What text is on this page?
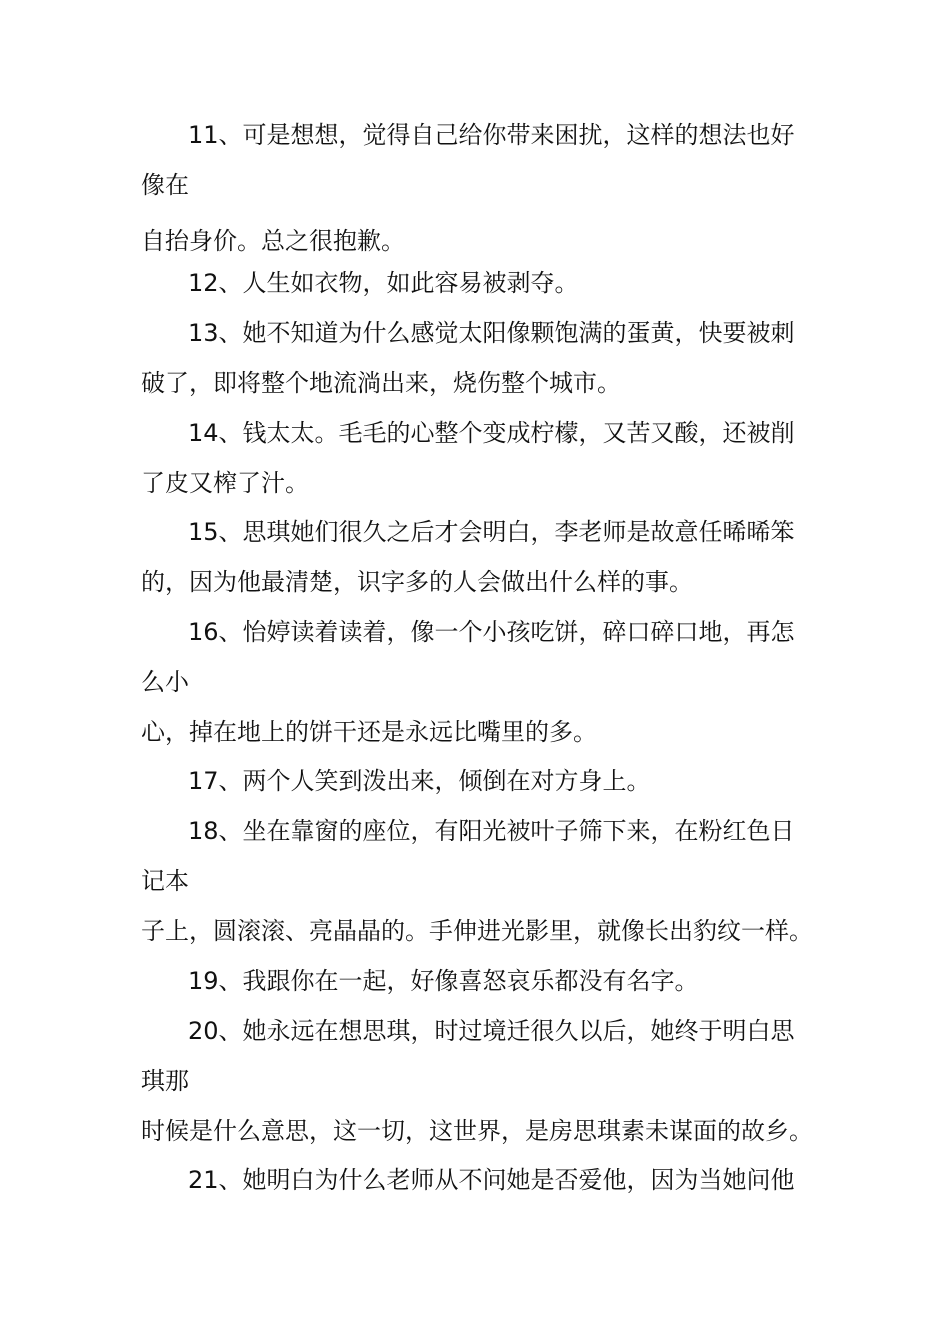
11、可是想想，觉得自己给你带来困扰，这样的想法也好
像在
自抬身价。总之很抱歉。
12、人生如衣物，如此容易被剥夺。
13、她不知道为什么感觉太阳像颗饱满的蛋黄，快要被刺
破了，即将整个地流淌出来，烧伤整个城市。
14、钱太太。毛毛的心整个变成柠檬，又苦又酸，还被削
了皮又榨了汁。
15、思琪她们很久之后才会明白，李老师是故意任晞晞笨
的，因为他最清楚，识字多的人会做出什么样的事。
16、怡婷读着读着，像一个小孩吃饼，碎口碎口地，再怎
么小
心，掉在地上的饼干还是永远比嘴里的多。
17、两个人笑到泼出来，倾倒在对方身上。
18、坐在靠窗的座位，有阳光被叶子筛下来，在粉红色日
记本
子上，圆滚滚、亮晶晶的。手伸进光影里，就像长出豹纹一样。
19、我跟你在一起，好像喜怒哀乐都没有名字。
20、她永远在想思琪，时过境迁很久以后，她终于明白思
琪那
时候是什么意思，这一切，这世界，是房思琪素未谋面的故乡。
21、她明白为什么老师从不问她是否爱他，因为当她问他
